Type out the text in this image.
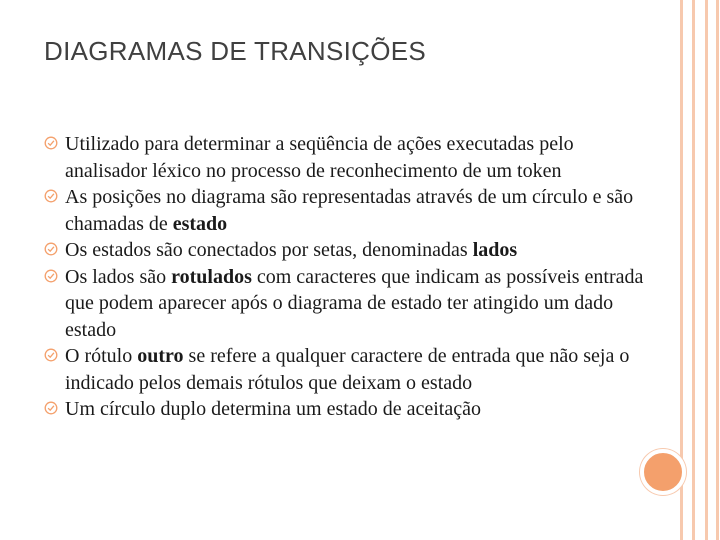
DIAGRAMAS DE TRANSIÇÕES
Utilizado para determinar a seqüência de ações executadas pelo analisador léxico no processo de reconhecimento de um token
As posições no diagrama são representadas através de um círculo e são chamadas de estado
Os estados são conectados por setas, denominadas lados
Os lados são rotulados com caracteres que indicam as possíveis entrada que podem aparecer após o diagrama de estado ter atingido um dado estado
O rótulo outro se refere a qualquer caractere de entrada que não seja o indicado pelos demais rótulos que deixam o estado
Um círculo duplo determina um estado de aceitação
